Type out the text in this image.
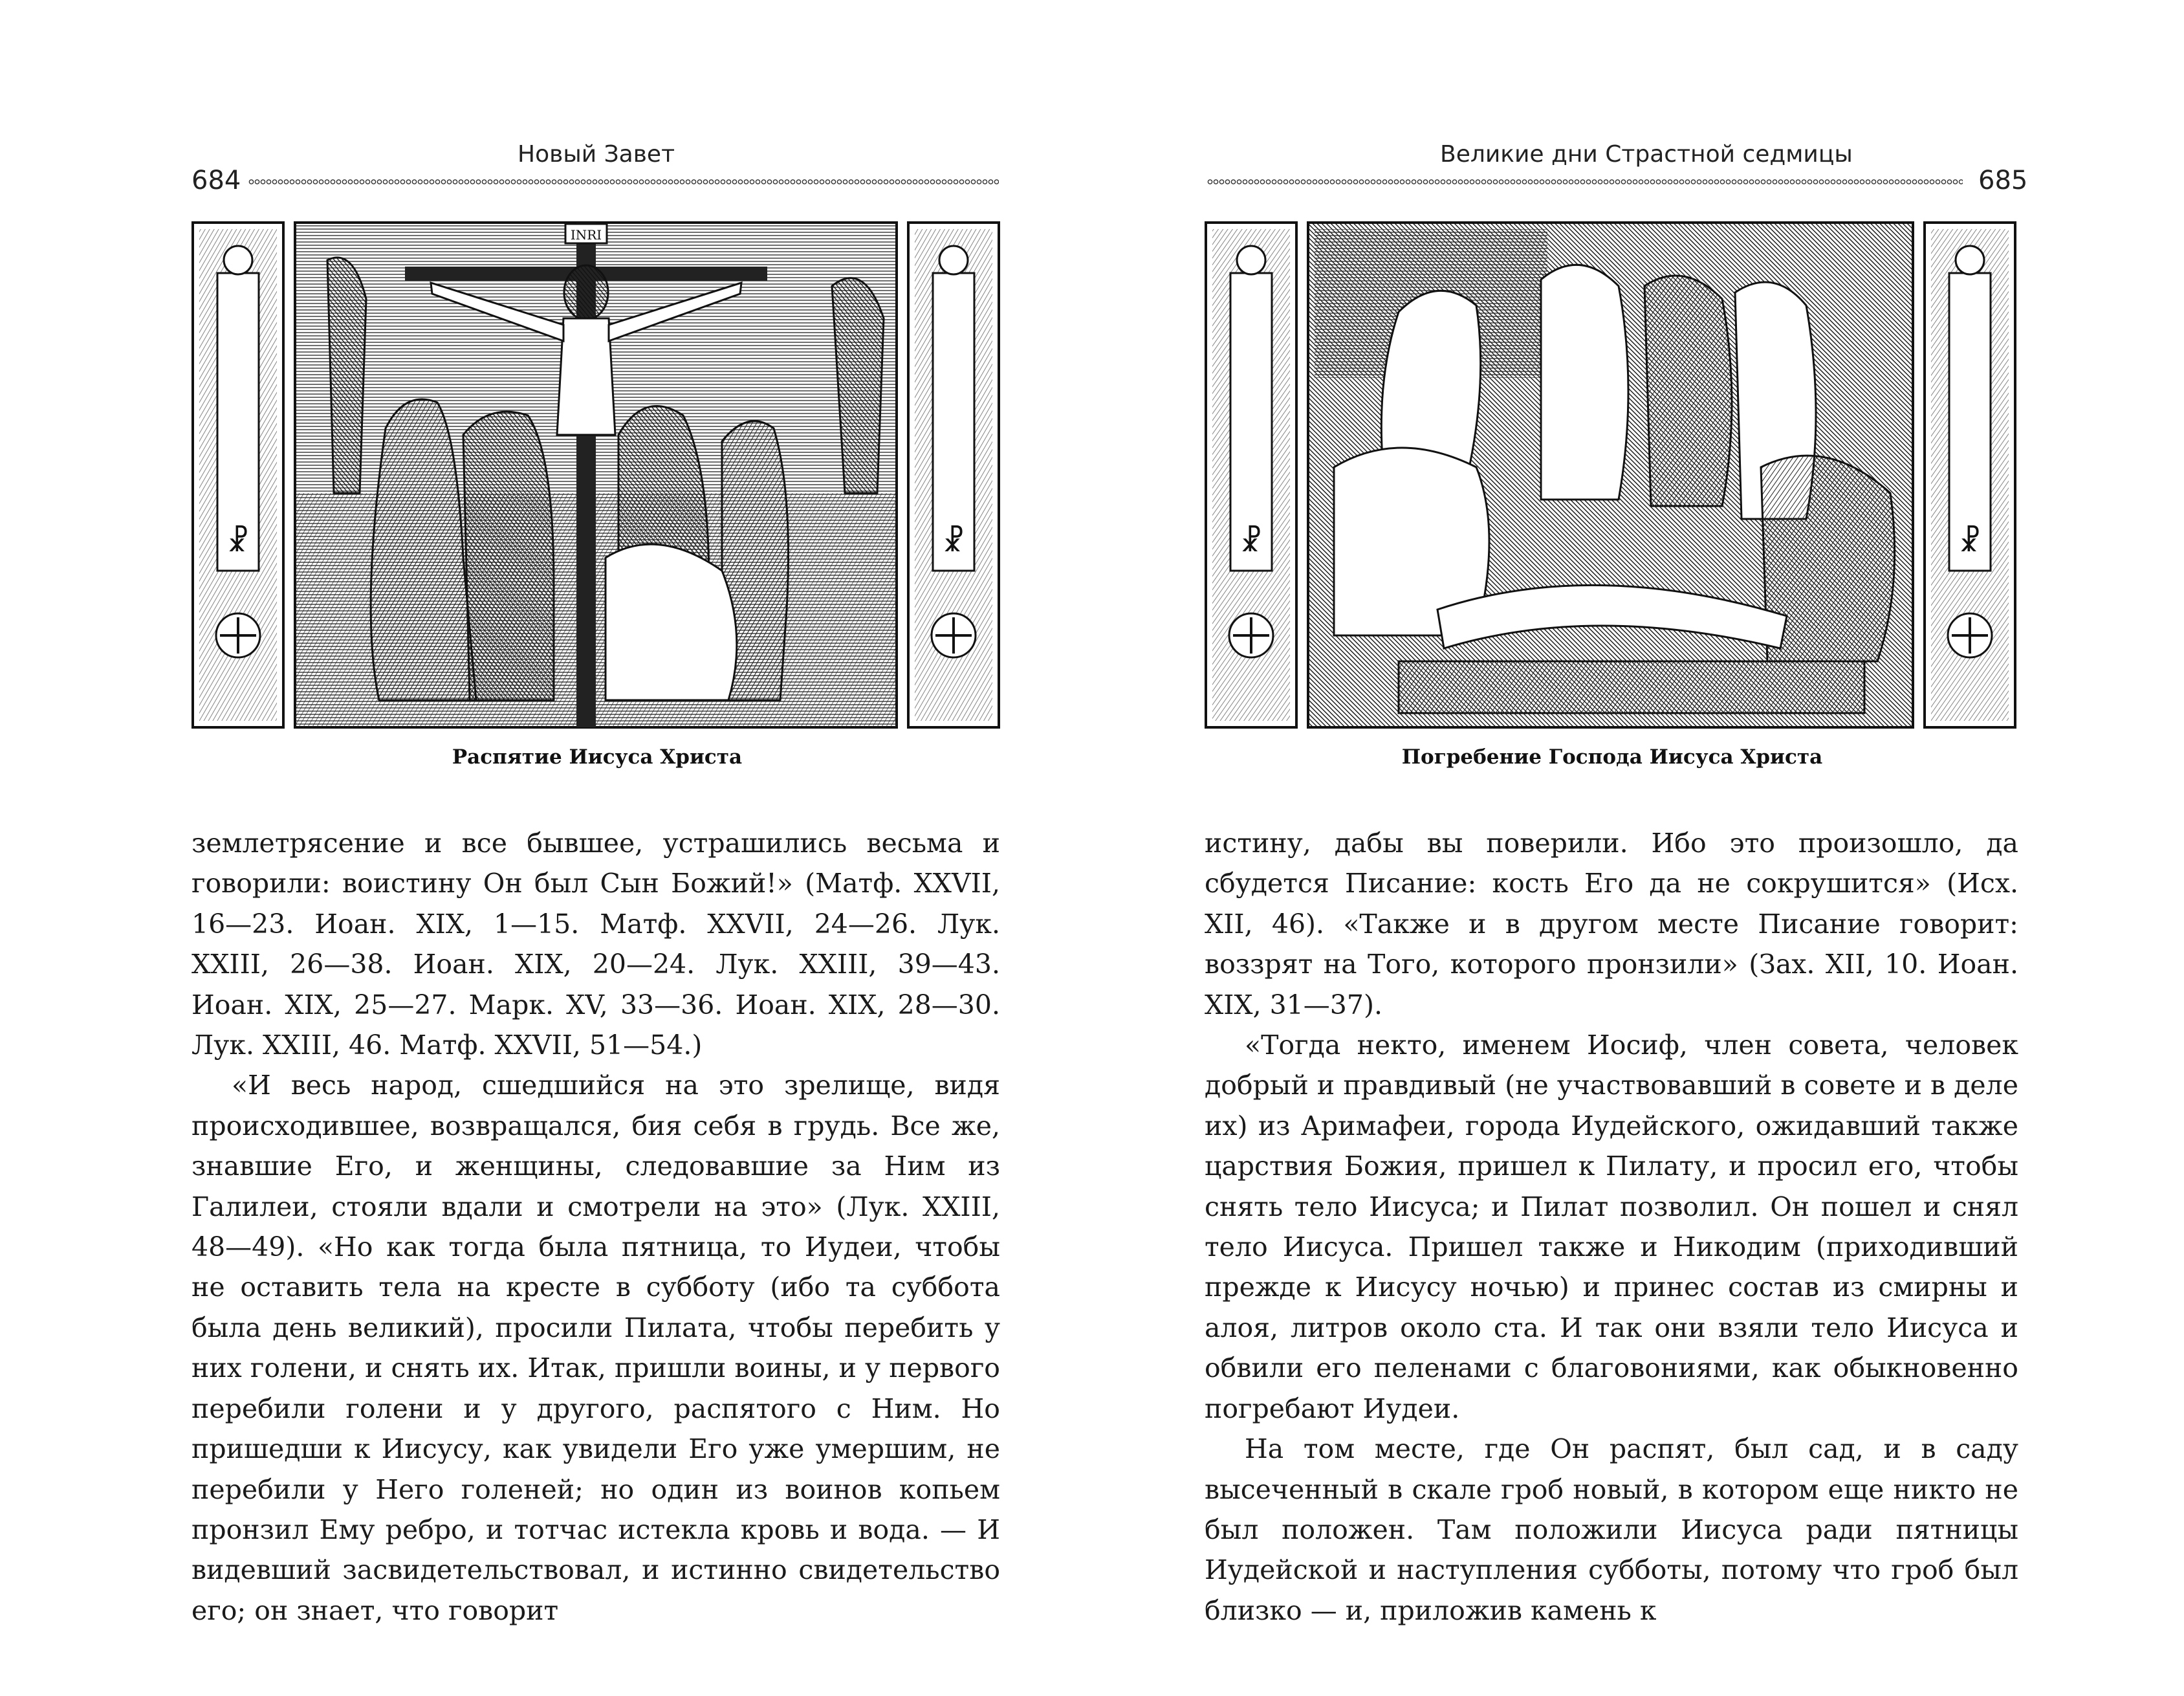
Новый Завет
684
☧
INRI
☧
Распятие Иисуса Христа

землетрясение и все бывшее, устрашились весьма и говорили: воистину Он был Сын Божий!» (Матф. XXVII, 16—23. Иоан. XIX, 1—15. Матф. XXVII, 24—26. Лук. XXIII, 26—38. Иоан. XIX, 20—24. Лук. XXIII, 39—43. Иоан. XIX, 25—27. Марк. XV, 33—36. Иоан. XIX, 28—30. Лук. XXIII, 46. Матф. XXVII, 51—54.)

«И весь народ, сшедшийся на это зрелище, видя происходившее, возвращался, бия себя в грудь. Все же, знавшие Его, и женщины, следовавшие за Ним из Галилеи, стояли вдали и смотрели на это» (Лук. XXIII, 48—49). «Но как тогда была пятница, то Иудеи, чтобы не оставить тела на кресте в субботу (ибо та суббота была день великий), просили Пилата, чтобы перебить у них голени, и снять их. Итак, пришли воины, и у первого перебили голени и у другого, распятого с Ним. Но пришедши к Иисусу, как увидели Его уже умершим, не перебили у Него голеней; но один из воинов копьем пронзил Ему ребро, и тотчас истекла кровь и вода. — И видевший засвидетельствовал, и истинно свидетельство его; он знает, что говорит

Великие дни Страстной седмицы
685
☧	☧
Погребение Господа Иисуса Христа

истину, дабы вы поверили. Ибо это произошло, да сбудется Писание: кость Его да не сокрушится» (Исх. XII, 46). «Также и в другом месте Писание говорит: воззрят на Того, которого пронзили» (Зах. XII, 10. Иоан. XIX, 31—37).

«Тогда некто, именем Иосиф, член совета, человек добрый и правдивый (не участвовавший в совете и в деле их) из Аримафеи, города Иудейского, ожидавший также царствия Божия, пришел к Пилату, и просил его, чтобы снять тело Иисуса; и Пилат позволил. Он пошел и снял тело Иисуса. Пришел также и Никодим (приходивший прежде к Иисусу ночью) и принес состав из смирны и алоя, литров около ста. И так они взяли тело Иисуса и обвили его пеленами с благовониями, как обыкновенно погребают Иудеи.

На том месте, где Он распят, был сад, и в саду высеченный в скале гроб новый, в котором еще никто не был положен. Там положили Иисуса ради пятницы Иудейской и наступления субботы, потому что гроб был близко — и, приложив камень к
